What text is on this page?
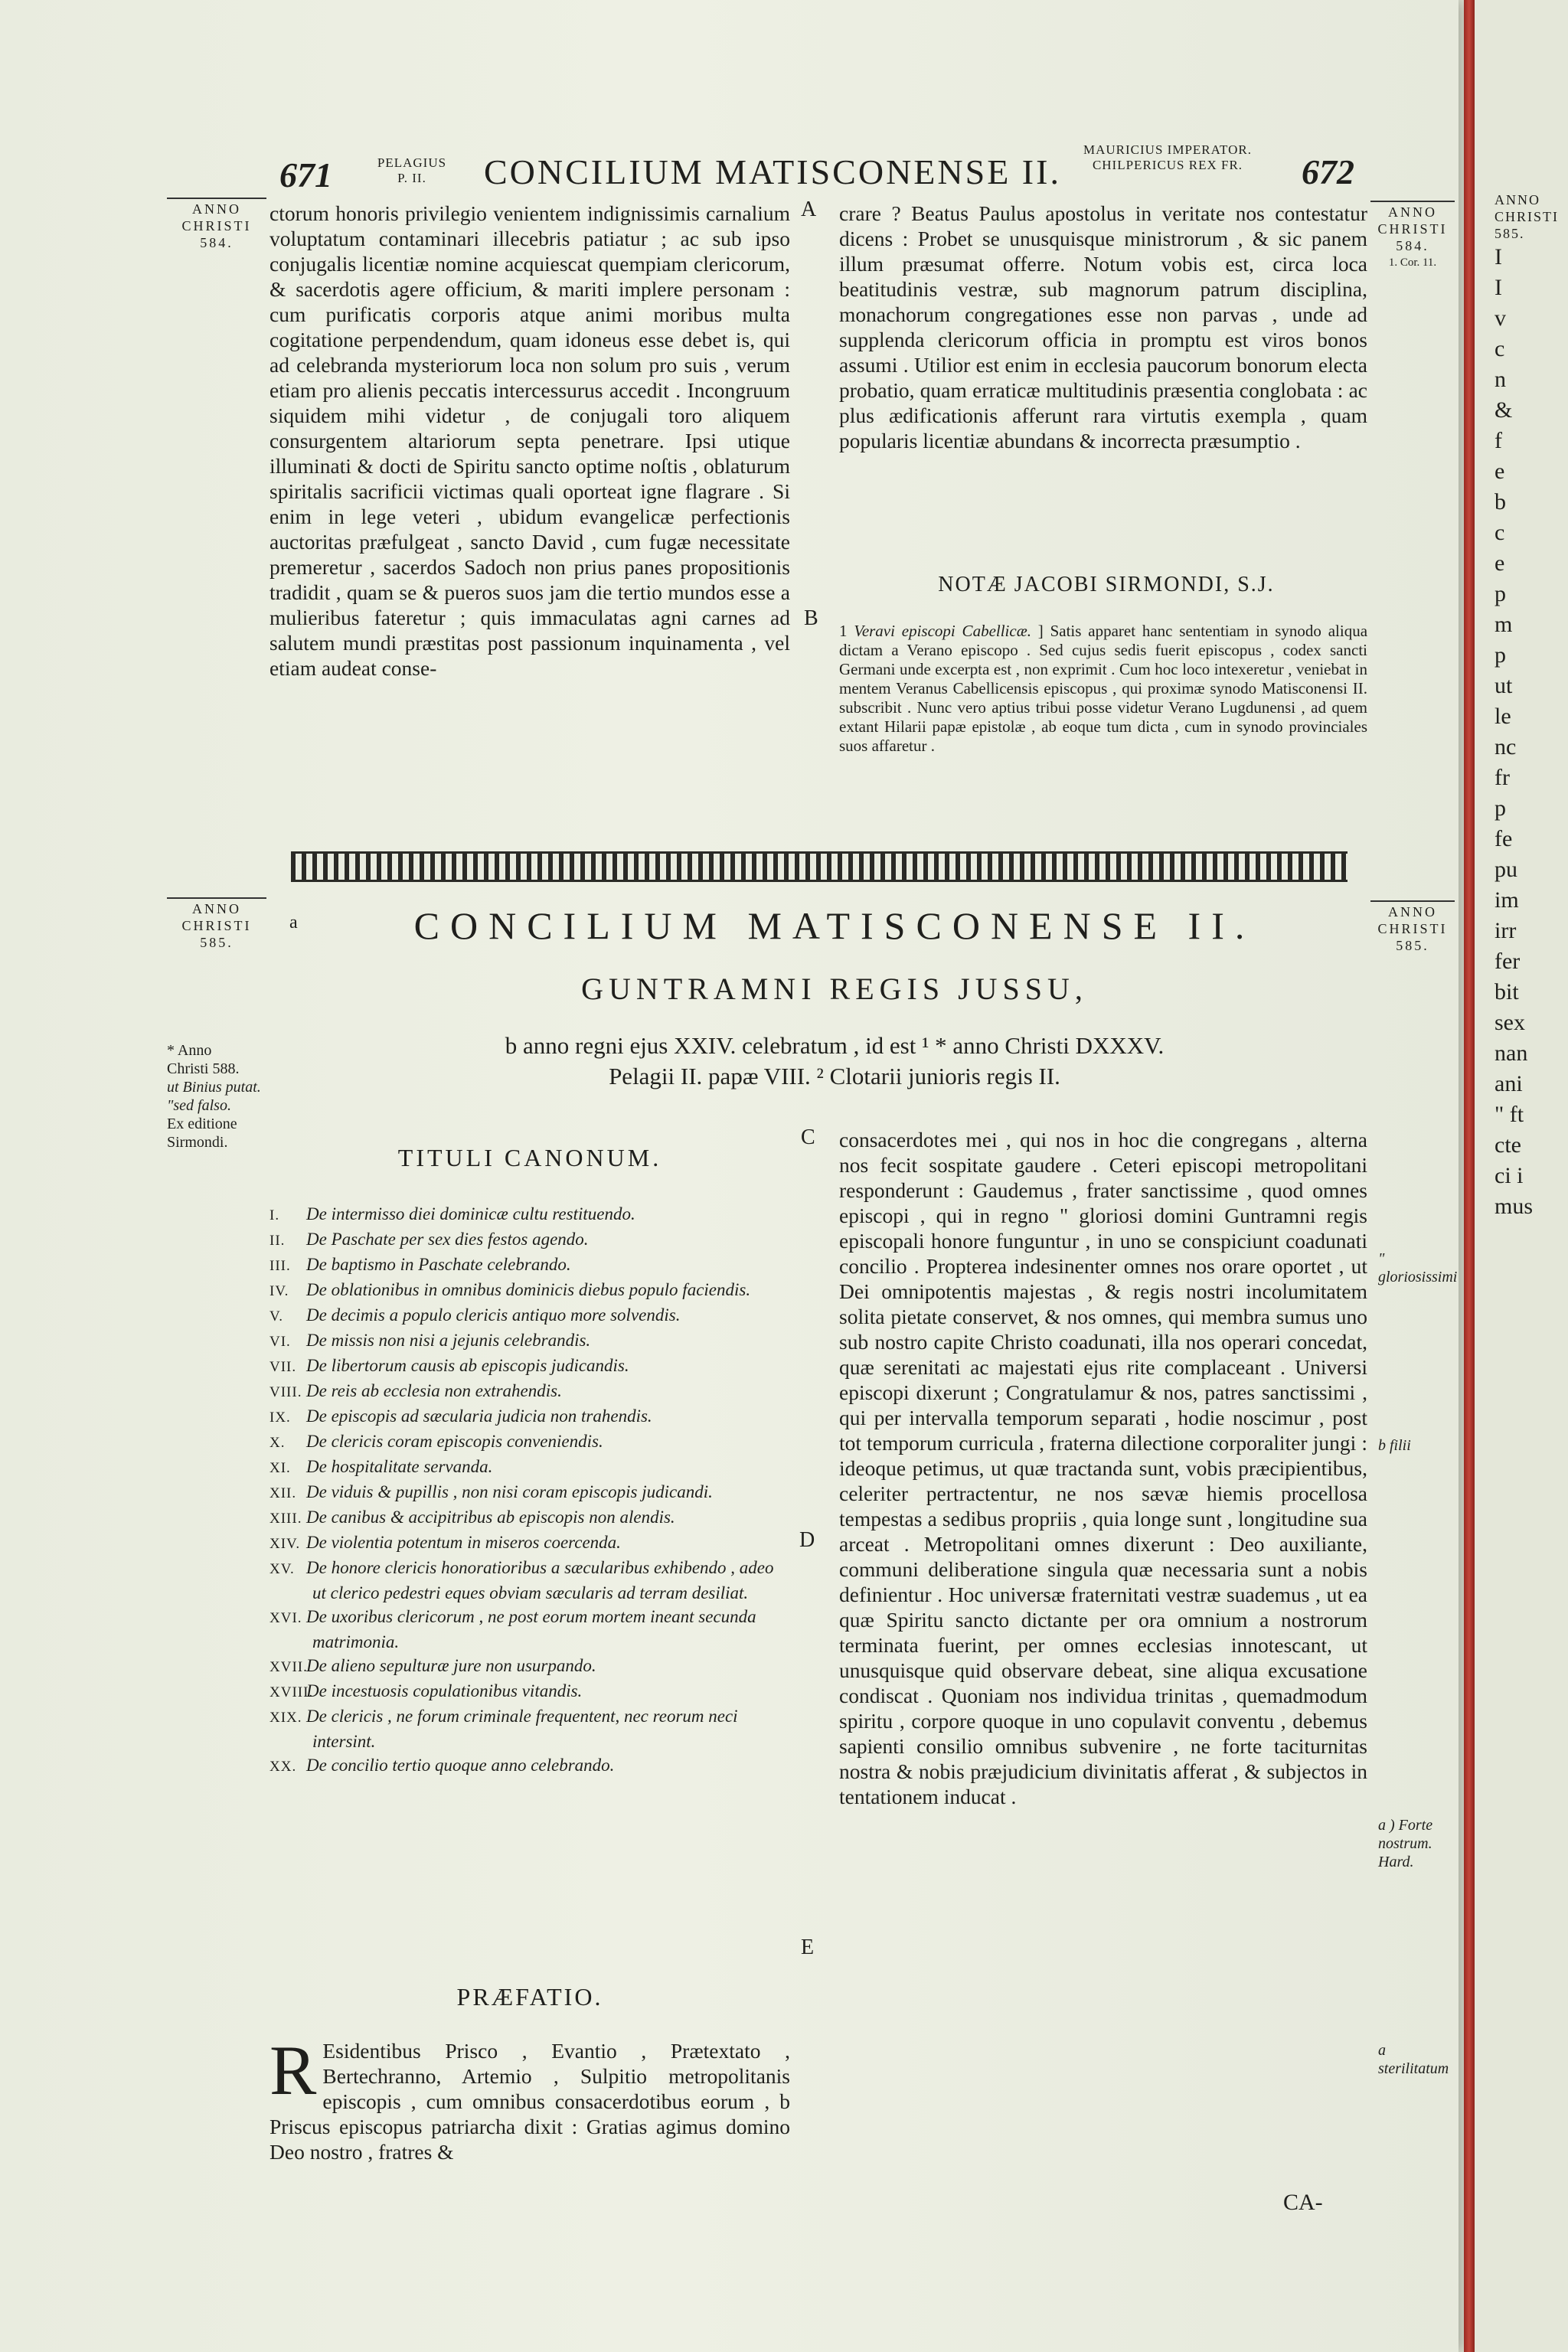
671	PELAGIUS
P. II.	CONCILIUM MATISCONENSE II.
MAURICIUS IMPERATOR.
CHILPERICUS REX FR.	672
ANNO
CHRISTI
584.
ANNO
CHRISTI
584.
1. Cor. 11.

ctorum honoris privilegio venientem indignissimis carnalium voluptatum contaminari illecebris patiatur ; ac sub ipso conjugalis licentiæ nomine acquiescat quempiam clericorum, & sacerdotis agere officium, & mariti implere personam : cum purificatis corporis atque animi moribus multa cogitatione perpendendum, quam idoneus esse debet is, qui ad celebranda mysteriorum loca non solum pro suis , verum etiam pro alienis peccatis intercessurus accedit . Incongruum siquidem mihi videtur , de conjugali toro aliquem consurgentem altariorum septa penetrare. Ipsi utique illuminati & docti de Spiritu sancto optime noſtis , oblaturum spiritalis sacrificii victimas quali oporteat igne flagrare . Si enim in lege veteri , ubidum evangelicæ perfectionis auctoritas præfulgeat , sancto David , cum fugæ necessitate premeretur , sacerdos Sadoch non prius panes propositionis tradidit , quam se & pueros suos jam die tertio mundos esse a mulieribus fateretur ; quis immaculatas agni carnes ad salutem mundi præstitas post passionum inquinamenta , vel etiam audeat conse-

A
B

crare ? Beatus Paulus apostolus in veritate nos contestatur dicens : Probet se unusquisque ministrorum , & sic panem illum præsumat offerre. Notum vobis est, circa loca beatitudinis vestræ, sub magnorum patrum disciplina, monachorum congregationes esse non parvas , unde ad supplenda clericorum officia in promptu est viros bonos assumi . Utilior est enim in ecclesia paucorum bonorum electa probatio, quam erraticæ multitudinis præsentia conglobata : ac plus ædificationis afferunt rara virtutis exempla , quam popularis licentiæ abundans & incorrecta præsumptio .

NOTÆ JACOBI SIRMONDI, S.J.
1 Veravi episcopi Cabellicæ. ] Satis apparet hanc sententiam in synodo aliqua dictam a Verano episcopo . Sed cujus sedis fuerit episcopus , codex sancti Germani unde excerpta est , non exprimit . Cum hoc loco intexeretur , veniebat in mentem Veranus Cabellicensis episcopus , qui proximæ synodo Matisconensi II. subscribit . Nunc vero aptius tribui posse videtur Verano Lugdunensi , ad quem extant Hilarii papæ epistolæ , ab eoque tum dicta , cum in synodo provinciales suos affaretur .
ANNO
CHRISTI
585.
ANNO
CHRISTI
585.
a	CONCILIUM MATISCONENSE II.
GUNTRAMNI REGIS JUSSU,
b anno regni ejus XXIV. celebratum , id est ¹ * anno Christi DXXXV.
Pelagii II. papæ VIII. ² Clotarii junioris regis II.
* Anno
Christi 588.
ut Binius putat. "sed falso.
Ex editione
Sirmondi.
TITULI CANONUM.
I. De intermisso diei dominicæ cultu restituendo.
II. De Paschate per sex dies festos agendo.
III. De baptismo in Paschate celebrando.
IV. De oblationibus in omnibus dominicis diebus populo faciendis.
V. De decimis a populo clericis antiquo more solvendis.
VI. De missis non nisi a jejunis celebrandis.
VII. De libertorum causis ab episcopis judicandis.
VIII. De reis ab ecclesia non extrahendis.
IX. De episcopis ad sæcularia judicia non trahendis.
X. De clericis coram episcopis conveniendis.
XI. De hospitalitate servanda.
XII. De viduis & pupillis , non nisi coram episcopis judicandi.
XIII. De canibus & accipitribus ab episcopis non alendis.
XIV. De violentia potentum in miseros coercenda.
XV. De honore clericis honoratioribus a sæcularibus exhibendo , adeo ut clerico pedestri eques obviam sæcularis ad terram desiliat.
XVI. De uxoribus clericorum , ne post eorum mortem ineant secunda matrimonia.
XVII.De alieno sepulturæ jure non usurpando.
XVIII.De incestuosis copulationibus vitandis.
XIX. De clericis , ne forum criminale frequentent, nec reorum neci intersint.
XX. De concilio tertio quoque anno celebrando.
PRÆFATIO.
R Esidentibus Prisco , Evantio , Prætextato , Bertechranno, Artemio , Sulpitio metropolitanis episcopis , cum omnibus consacerdotibus eorum , b Priscus episcopus patriarcha dixit : Gratias agimus domino Deo nostro , fratres &
C
D
E

consacerdotes mei , qui nos in hoc die congregans , alterna nos fecit sospitate gaudere . Ceteri episcopi metropolitani responderunt : Gaudemus , frater sanctissime , quod omnes episcopi , qui in regno " gloriosi domini Guntramni regis episcopali honore funguntur , in uno se conspiciunt coadunati concilio . Propterea indesinenter omnes nos orare oportet , ut Dei omnipotentis majestas , & regis nostri incolumitatem solita pietate conservet, & nos omnes, qui membra sumus uno sub nostro capite Christo coadunati, illa nos operari concedat, quæ serenitati ac majestati ejus rite complaceant . Universi episcopi dixerunt ; Congratulamur & nos, patres sanctissimi , qui per intervalla temporum separati , hodie noscimur , post tot temporum curricula , fraterna dilectione corporaliter jungi : ideoque petimus, ut quæ tractanda sunt, vobis præcipientibus, celeriter pertractentur, ne nos sævæ hiemis procellosa tempestas a sedibus propriis , quia longe sunt , longitudine sua arceat . Metropolitani omnes dixerunt : Deo auxiliante, communi deliberatione singula quæ necessaria sunt a nobis definientur . Hoc universæ fraternitati vestræ suademus , ut ea quæ Spiritu sancto dictante per ora omnium a nostrorum terminata fuerint, per omnes ecclesias innotescant, ut unusquisque quid observare debeat, sine aliqua excusatione condiscat . Quoniam nos individua trinitas , quemadmodum spiritu , corpore quoque in uno copulavit conventu , debemus sapienti consilio omnibus subvenire , ne forte taciturnitas nostra & nobis præjudicium divinitatis afferat , & subjectos in tentationem inducat .

" gloriosissimi
b filii
a ) Forte nostrum. Hard.
a sterilitatum
CA-
ANNO
CHRISTI
585.
I
I
v
c
n
&
f
e
b
c
e
p
m
p
ut
le
nc
fr
p
fe
pu
im
irr
fer
bit
sex
nan
ani
" ft
cte
ci i
mus
